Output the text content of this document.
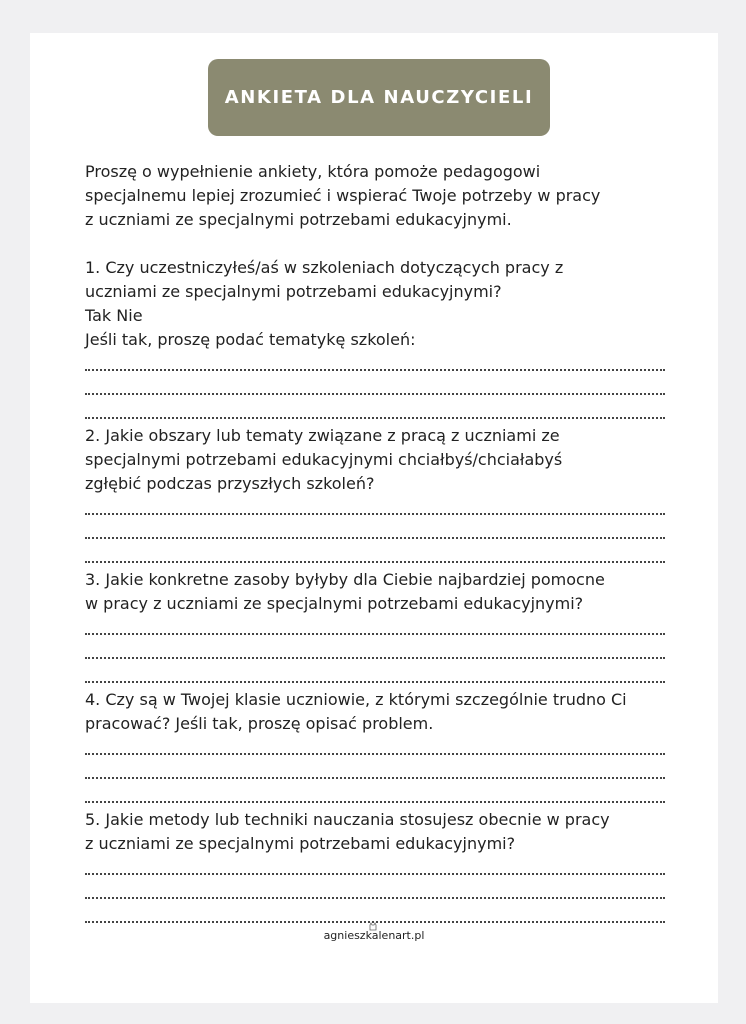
ANKIETA DLA NAUCZYCIELI

Proszę o wypełnienie ankiety, która pomoże pedagogowi

specjalnemu lepiej zrozumieć i wspierać Twoje potrzeby w pracy

z uczniami ze specjalnymi potrzebami edukacyjnymi.

1. Czy uczestniczyłeś/aś w szkoleniach dotyczących pracy z

uczniami ze specjalnymi potrzebami edukacyjnymi?

Tak Nie

Jeśli tak, proszę podać tematykę szkoleń:

2. Jakie obszary lub tematy związane z pracą z uczniami ze

specjalnymi potrzebami edukacyjnymi chciałbyś/chciałabyś

zgłębić podczas przyszłych szkoleń?

3. Jakie konkretne zasoby byłyby dla Ciebie najbardziej pomocne

w pracy z uczniami ze specjalnymi potrzebami edukacyjnymi?

4. Czy są w Twojej klasie uczniowie, z którymi szczególnie trudno Ci

pracować? Jeśli tak, proszę opisać problem.

5. Jakie metody lub techniki nauczania stosujesz obecnie w pracy

z uczniami ze specjalnymi potrzebami edukacyjnymi?

agnieszkalenart.pl
